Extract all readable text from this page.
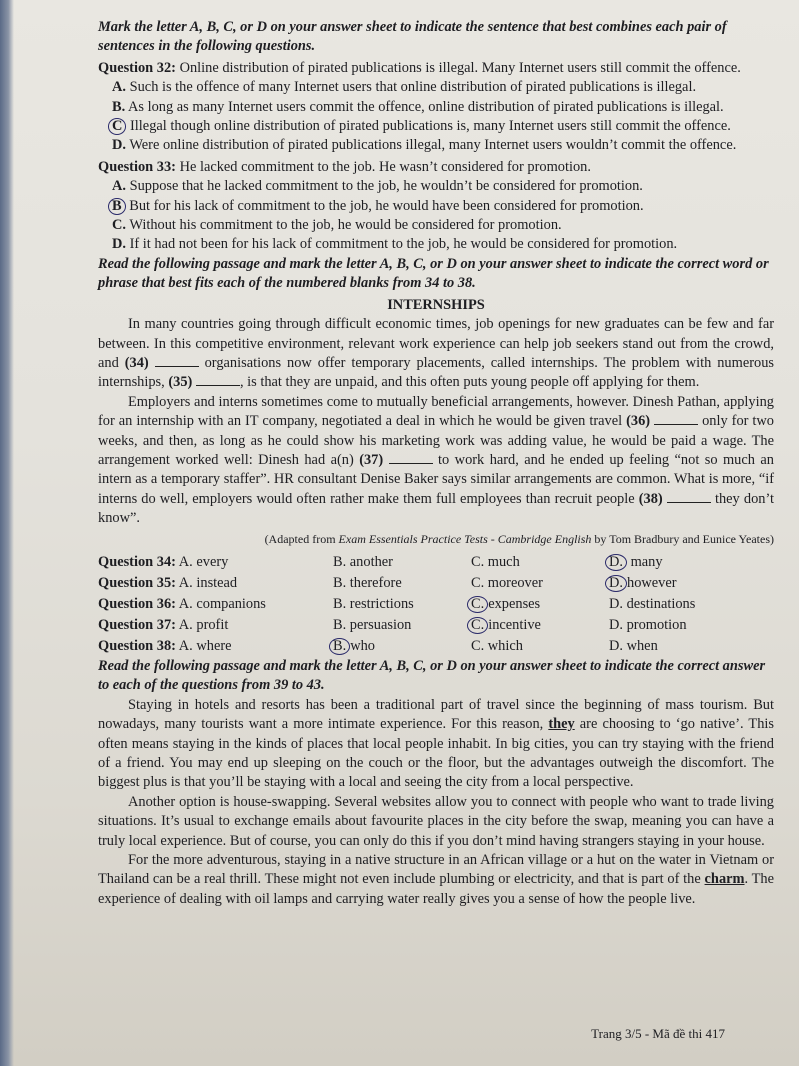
Mark the letter A, B, C, or D on your answer sheet to indicate the sentence that best combines each pair of sentences in the following questions.

Question 32: Online distribution of pirated publications is illegal. Many Internet users still commit the offence.

A. Such is the offence of many Internet users that online distribution of pirated publications is illegal.

B. As long as many Internet users commit the offence, online distribution of pirated publications is illegal.

C Illegal though online distribution of pirated publications is, many Internet users still commit the offence.

D. Were online distribution of pirated publications illegal, many Internet users wouldn’t commit the offence.

Question 33: He lacked commitment to the job. He wasn’t considered for promotion.

A. Suppose that he lacked commitment to the job, he wouldn’t be considered for promotion.

B But for his lack of commitment to the job, he would have been considered for promotion.

C. Without his commitment to the job, he would be considered for promotion.

D. If it had not been for his lack of commitment to the job, he would be considered for promotion.

Read the following passage and mark the letter A, B, C, or D on your answer sheet to indicate the correct word or phrase that best fits each of the numbered blanks from 34 to 38.

INTERNSHIPS

In many countries going through difficult economic times, job openings for new graduates can be few and far between. In this competitive environment, relevant work experience can help job seekers stand out from the crowd, and (34)	organisations now offer temporary placements, called internships. The problem with numerous internships, (35)	, is that they are unpaid, and this often puts young people off applying for them.

Employers and interns sometimes come to mutually beneficial arrangements, however. Dinesh Pathan, applying for an internship with an IT company, negotiated a deal in which he would be given travel (36)	only for two weeks, and then, as long as he could show his marketing work was adding value, he would be paid a wage. The arrangement worked well: Dinesh had a(n) (37)	to work hard, and he ended up feeling “not so much an intern as a temporary staffer”. HR consultant Denise Baker says similar arrangements are common. What is more, “if interns do well, employers would often rather make them full employees than recruit people (38)	they don’t know”.

(Adapted from Exam Essentials Practice Tests - Cambridge English by Tom Bradbury and Eunice Yeates)

Question 34: A. every	B. another	C. much	D. many
Question 35: A. instead	B. therefore	C. moreover	D. however
Question 36: A. companions	B. restrictions	C. expenses	D. destinations
Question 37: A. profit	B. persuasion	C. incentive	D. promotion
Question 38: A. where	B. who	C. which	D. when

Read the following passage and mark the letter A, B, C, or D on your answer sheet to indicate the correct answer to each of the questions from 39 to 43.

Staying in hotels and resorts has been a traditional part of travel since the beginning of mass tourism. But nowadays, many tourists want a more intimate experience. For this reason, they are choosing to ‘go native’. This often means staying in the kinds of places that local people inhabit. In big cities, you can try staying with the friend of a friend. You may end up sleeping on the couch or the floor, but the advantages outweigh the discomfort. The biggest plus is that you’ll be staying with a local and seeing the city from a local perspective.

Another option is house-swapping. Several websites allow you to connect with people who want to trade living situations. It’s usual to exchange emails about favourite places in the city before the swap, meaning you can have a truly local experience. But of course, you can only do this if you don’t mind having strangers staying in your house.

For the more adventurous, staying in a native structure in an African village or a hut on the water in Vietnam or Thailand can be a real thrill. These might not even include plumbing or electricity, and that is part of the charm. The experience of dealing with oil lamps and carrying water really gives you a sense of how the people live.

Trang 3/5 - Mã đề thi 417
